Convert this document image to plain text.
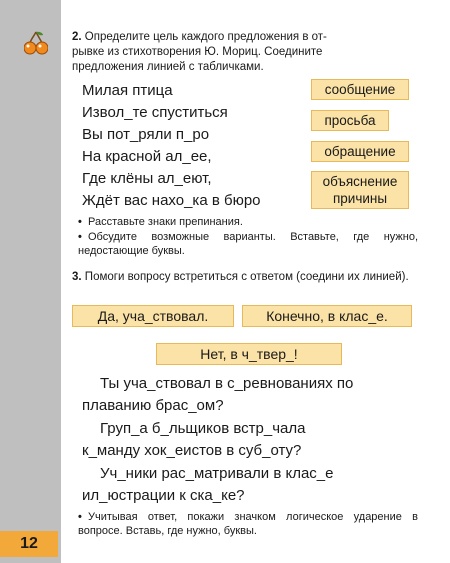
12
2. Определите цель каждого предложения в от-
рывке из стихотворения Ю. Мориц. Соедините
предложения линией с табличками.
Милая птица
Извол_те спуститься
Вы пот_ряли п_ро
На красной ал_ее,
Где клёны ал_еют,
Ждёт вас нахо_ка в бюро
сообщение
просьба
обращение
объяснение причины
• Расставьте знаки препинания.
• Обсудите возможные варианты. Вставьте, где нужно, недостающие буквы.
3. Помоги вопросу встретиться с ответом (соедини их линией).
Да, уча_ствовал.	Конечно, в клас_е.
Нет, в ч_твер_!
Ты уча_ствовал в с_ревнованиях по
плаванию брас_ом?
Груп_а б_льщиков встр_чала
к_манду хок_еистов в суб_оту?
Уч_ники рас_матривали в клас_е
ил_юстрации к ска_ке?
• Учитывая ответ, покажи значком логическое ударение в вопросе. Вставь, где нужно, буквы.
